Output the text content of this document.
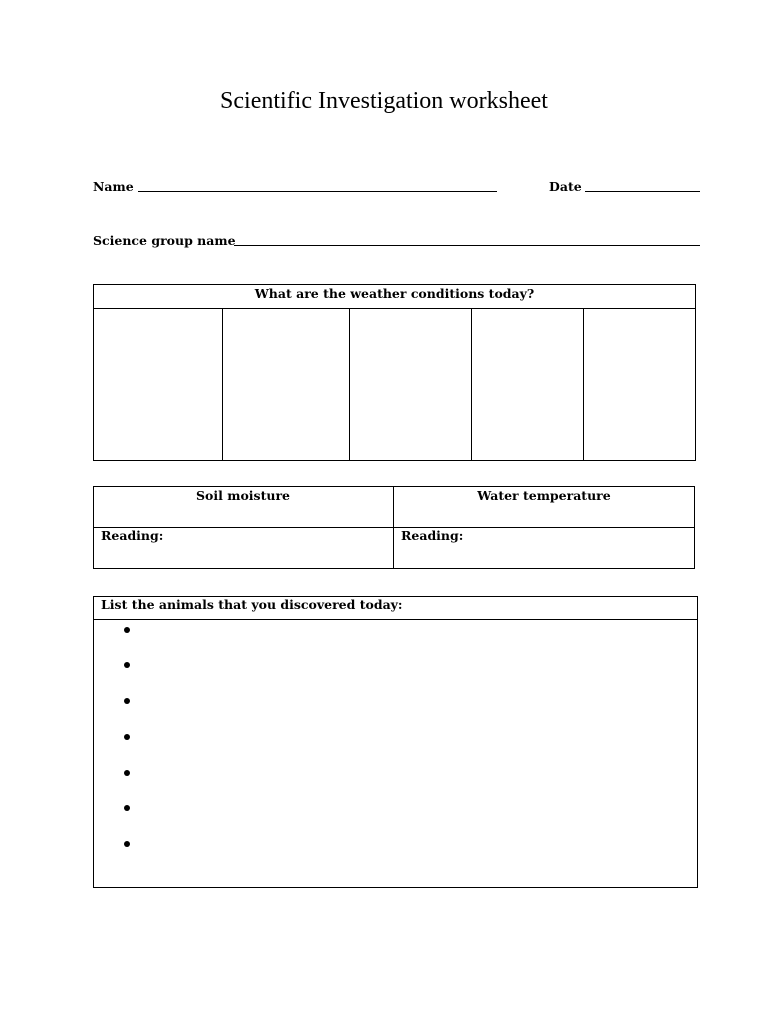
Scientific Investigation worksheet
Name	Date
Science group name
What are the weather conditions today?
Soil moisture	Water temperature
Reading:	Reading:
List the animals that you discovered today:
